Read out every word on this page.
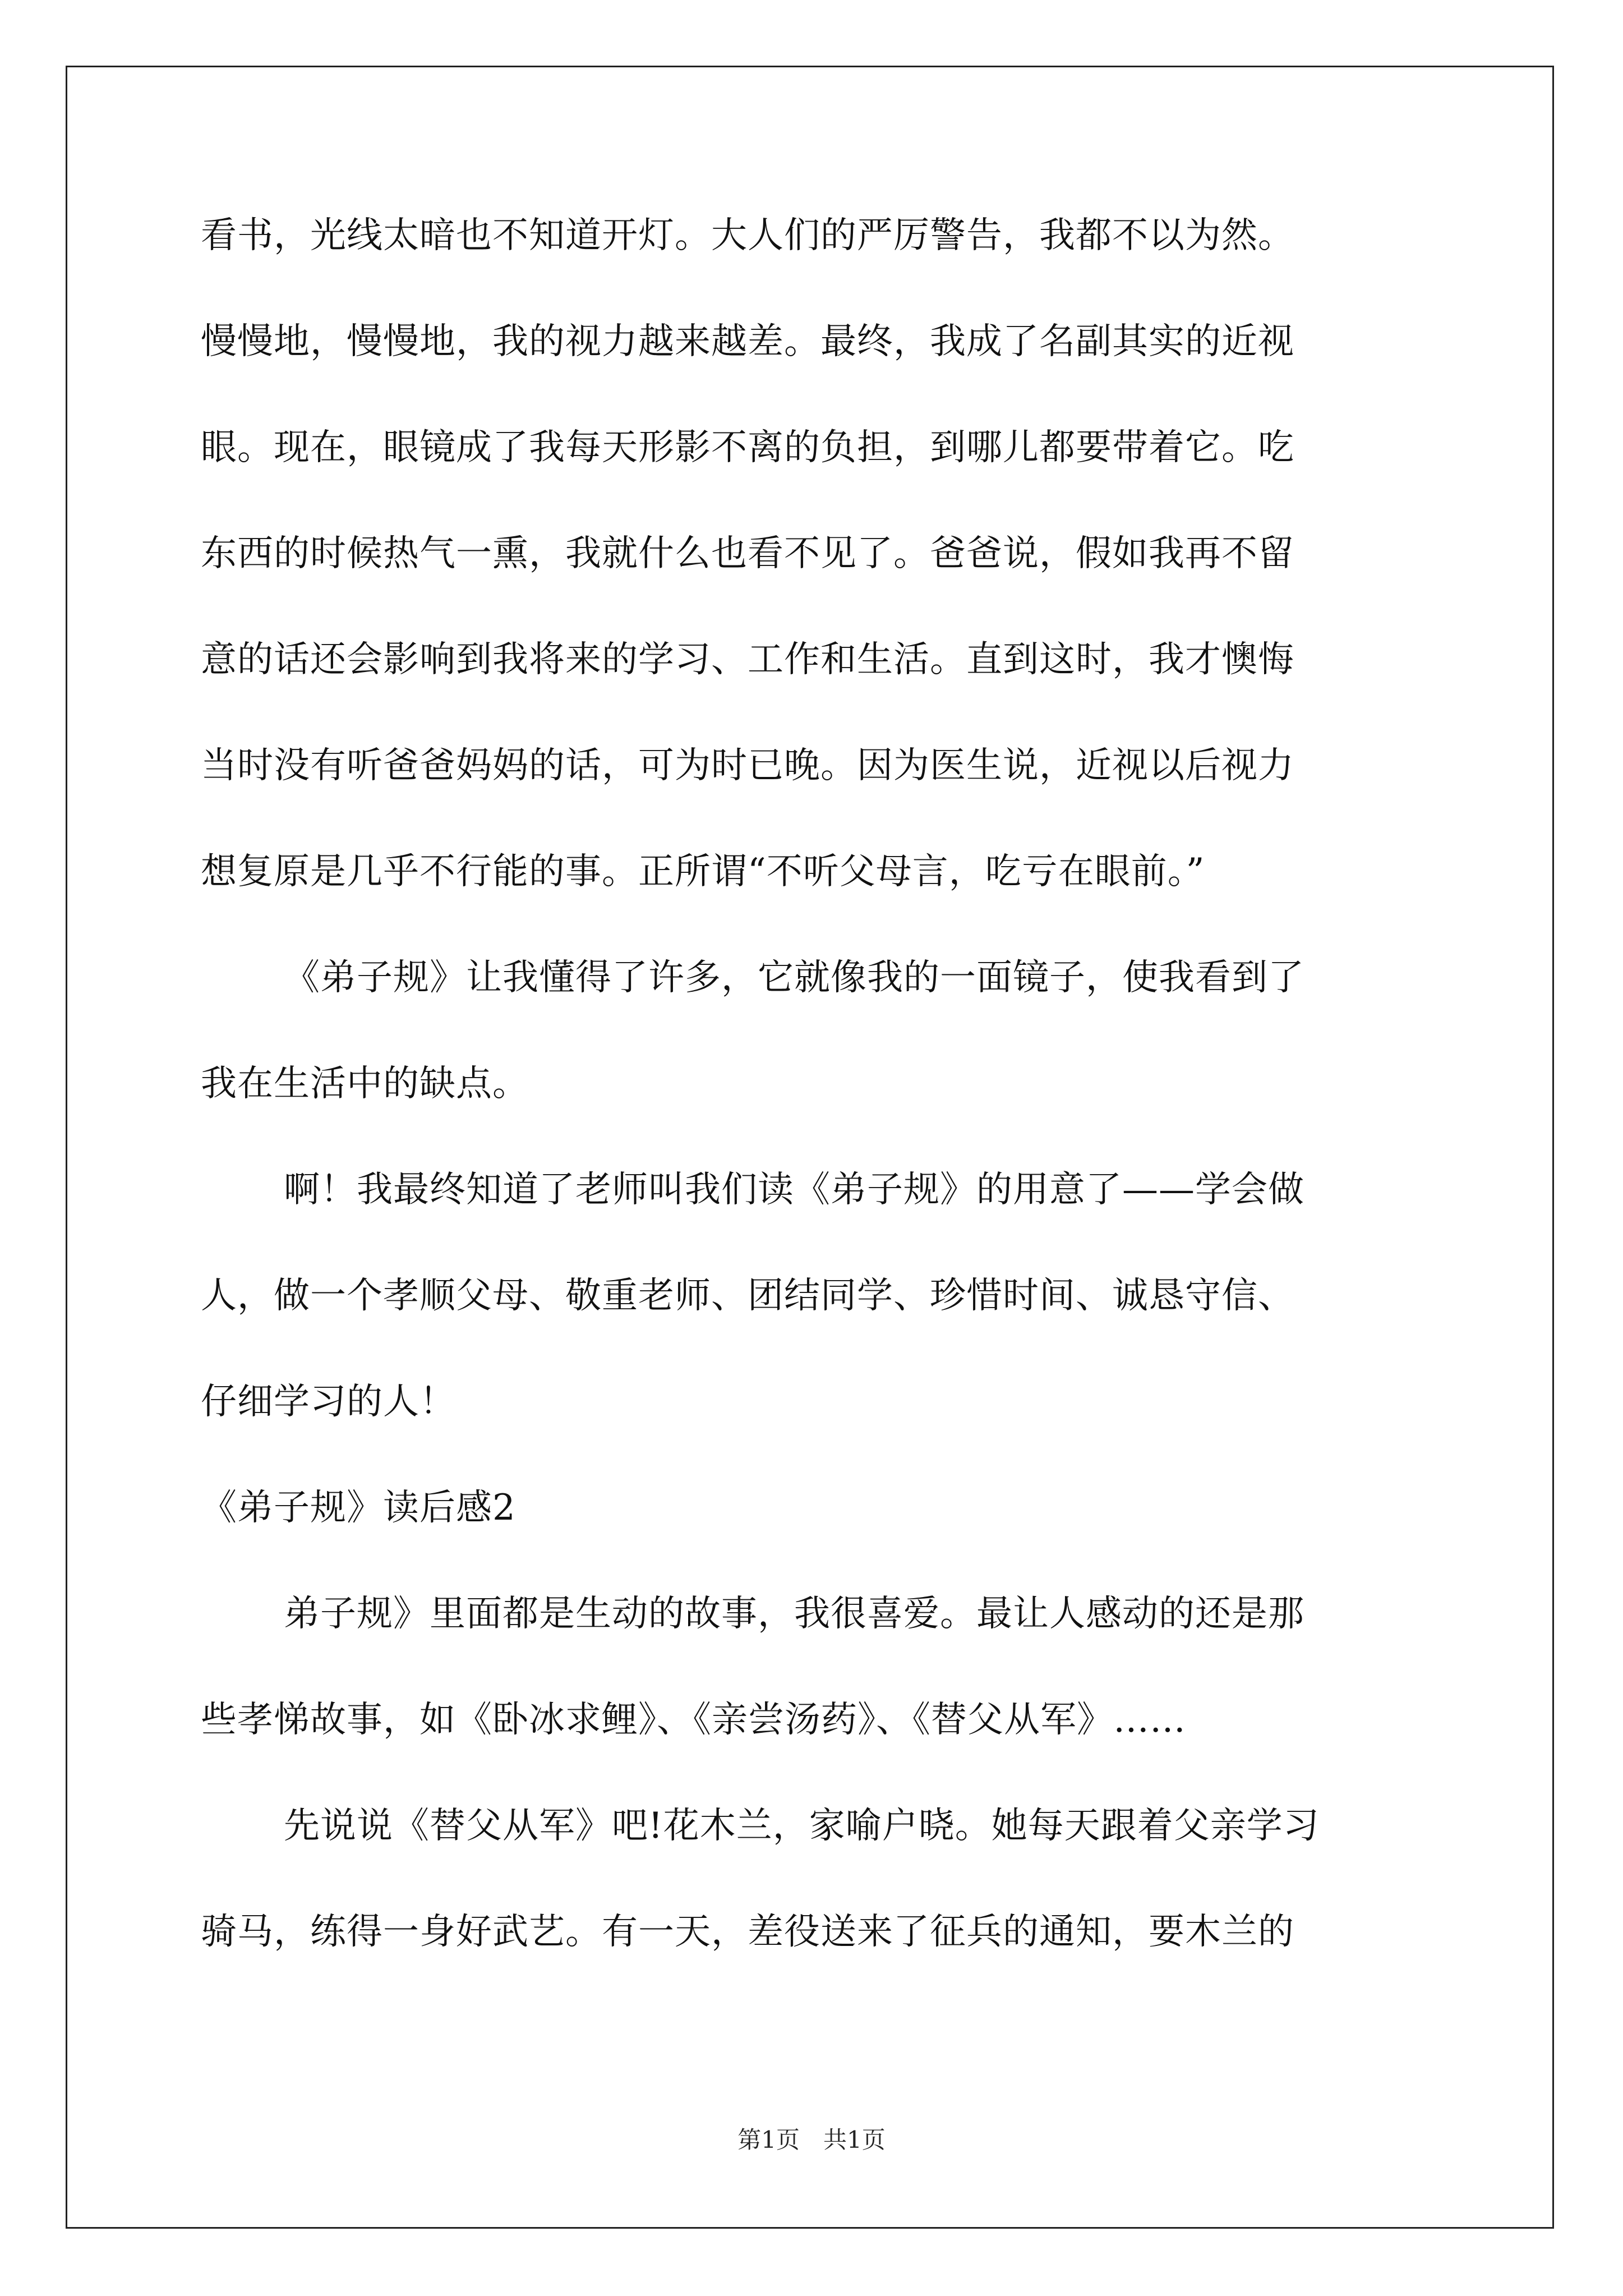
看书，光线太暗也不知道开灯。大人们的严厉警告，我都不以为然。
慢慢地，慢慢地，我的视力越来越差。最终，我成了名副其实的近视
眼。现在，眼镜成了我每天形影不离的负担，到哪儿都要带着它。吃
东西的时候热气一熏，我就什么也看不见了。爸爸说，假如我再不留
意的话还会影响到我将来的学习、工作和生活。直到这时，我才懊悔
当时没有听爸爸妈妈的话，可为时已晚。因为医生说，近视以后视力
想复原是几乎不行能的事。正所谓“不听父母言，吃亏在眼前。”
《弟子规》让我懂得了许多，它就像我的一面镜子，使我看到了
我在生活中的缺点。
啊！我最终知道了老师叫我们读《弟子规》的用意了——学会做
人，做一个孝顺父母、敬重老师、团结同学、珍惜时间、诚恳守信、
仔细学习的人！
《弟子规》读后感2
弟子规》里面都是生动的故事，我很喜爱。最让人感动的还是那
些孝悌故事，如《卧冰求鲤》、《亲尝汤药》、《替父从军》……
先说说《替父从军》吧!花木兰，家喻户晓。她每天跟着父亲学习
骑马，练得一身好武艺。有一天，差役送来了征兵的通知，要木兰的
第1页　共1页
